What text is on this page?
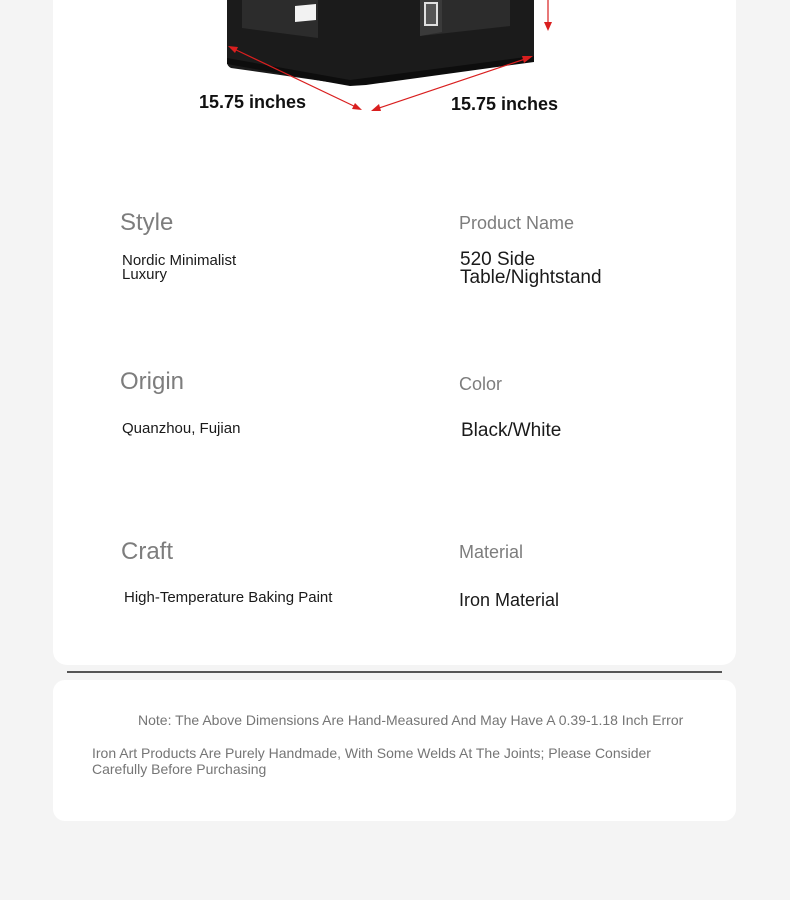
15.75 inches	15.75 inches
Style
Nordic Minimalist Luxury
Product Name
520 Side Table/Nightstand
Origin
Quanzhou, Fujian
Color
Black/White
Craft
High-Temperature Baking Paint
Material
Iron Material
Note: The Above Dimensions Are Hand-Measured And May Have A 0.39-1.18 Inch Error
Iron Art Products Are Purely Handmade, With Some Welds At The Joints; Please Consider Carefully Before Purchasing
